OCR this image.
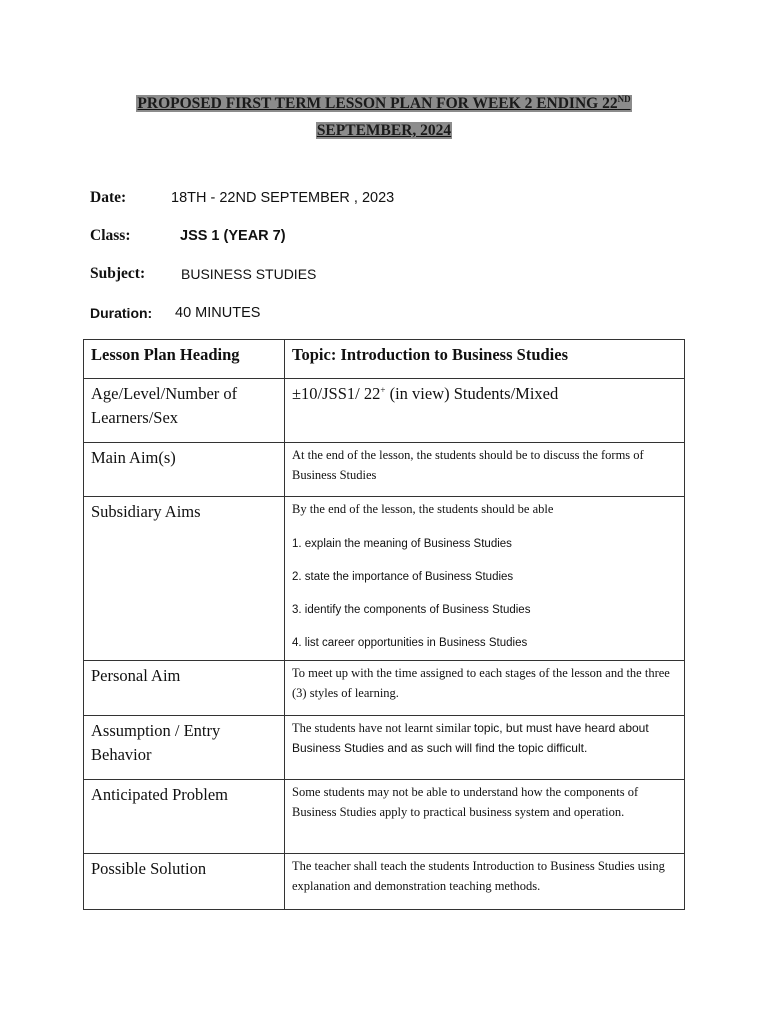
PROPOSED FIRST TERM LESSON PLAN FOR WEEK 2 ENDING 22ND
SEPTEMBER, 2024
Date:	18TH - 22ND SEPTEMBER , 2023
Class:	JSS 1 (YEAR 7)
Subject:	BUSINESS STUDIES
Duration: 40 MINUTES
Lesson Plan Heading	Topic: Introduction to Business Studies
Age/Level/Number of Learners/Sex	±10/JSS1/ 22+ (in view) Students/Mixed
Main Aim(s)	At the end of the lesson, the students should be to discuss the forms of Business Studies
Subsidiary Aims	By the end of the lesson, the students should be able
1. explain the meaning of Business Studies
2. state the importance of Business Studies
3. identify the components of Business Studies
4. list career opportunities in Business Studies

Personal Aim	To meet up with the time assigned to each stages of the lesson and the three (3) styles of learning.
Assumption / Entry Behavior	The students have not learnt similar topic, but must have heard about Business Studies and as such will find the topic difficult.
Anticipated Problem	Some students may not be able to understand how the components of Business Studies apply to practical business system and operation.
Possible Solution	The teacher shall teach the students Introduction to Business Studies using explanation and demonstration teaching methods.
